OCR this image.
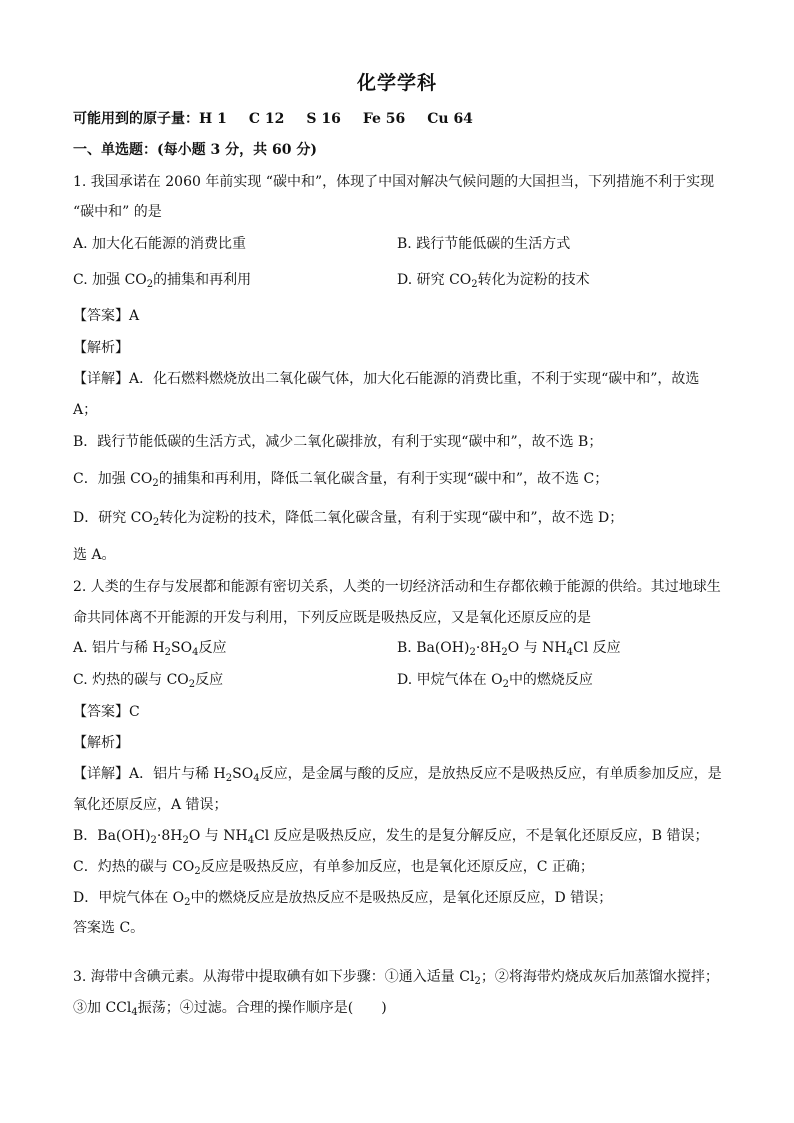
化学学科
可能用到的原子量：H 1 C 12 S 16 Fe 56 Cu 64
一、单选题：(每小题 3 分，共 60 分)
1. 我国承诺在 2060 年前实现 “碳中和”，体现了中国对解决气候问题的大国担当，下列措施不利于实现
“碳中和” 的是
A. 加大化石能源的消费比重	B. 践行节能低碳的生活方式
C. 加强 $CO_2$的捕集和再利用	D. 研究 $CO_2$转化为淀粉的技术
【答案】A
【解析】
【详解】A．化石燃料燃烧放出二氧化碳气体，加大化石能源的消费比重，不利于实现“碳中和”，故选
A；
B．践行节能低碳的生活方式，减少二氧化碳排放，有利于实现“碳中和”，故不选 B；
C．加强 $CO_2$的捕集和再利用，降低二氧化碳含量，有利于实现“碳中和”，故不选 C；
D．研究 $CO_2$转化为淀粉的技术，降低二氧化碳含量，有利于实现“碳中和”，故不选 D；
选 A。
2. 人类的生存与发展都和能源有密切关系，人类的一切经济活动和生存都依赖于能源的供给。其过地球生
命共同体离不开能源的开发与利用，下列反应既是吸热反应，又是氧化还原反应的是
A. 铝片与稀 $H_2SO_4$反应	B. $Ba(OH)_2\cdot 8H_2O$ 与 $NH_4Cl$ 反应
C. 灼热的碳与 $CO_2$反应	D. 甲烷气体在 $O_2$中的燃烧反应
【答案】C
【解析】
【详解】A．铝片与稀 $H_2SO_4$反应，是金属与酸的反应，是放热反应不是吸热反应，有单质参加反应，是
氧化还原反应，A 错误；
B．$Ba(OH)_2\cdot 8H_2O$ 与 $NH_4Cl$ 反应是吸热反应，发生的是复分解反应，不是氧化还原反应，B 错误；
C．灼热的碳与 $CO_2$反应是吸热反应，有单参加反应，也是氧化还原反应，C 正确；
D．甲烷气体在 $O_2$中的燃烧反应是放热反应不是吸热反应，是氧化还原反应，D 错误；
答案选 C。
3. 海带中含碘元素。从海带中提取碘有如下步骤：①通入适量 $Cl_2$；②将海带灼烧成灰后加蒸馏水搅拌；
③加 CCl$_4$振荡；④过滤。合理的操作顺序是(　　)
